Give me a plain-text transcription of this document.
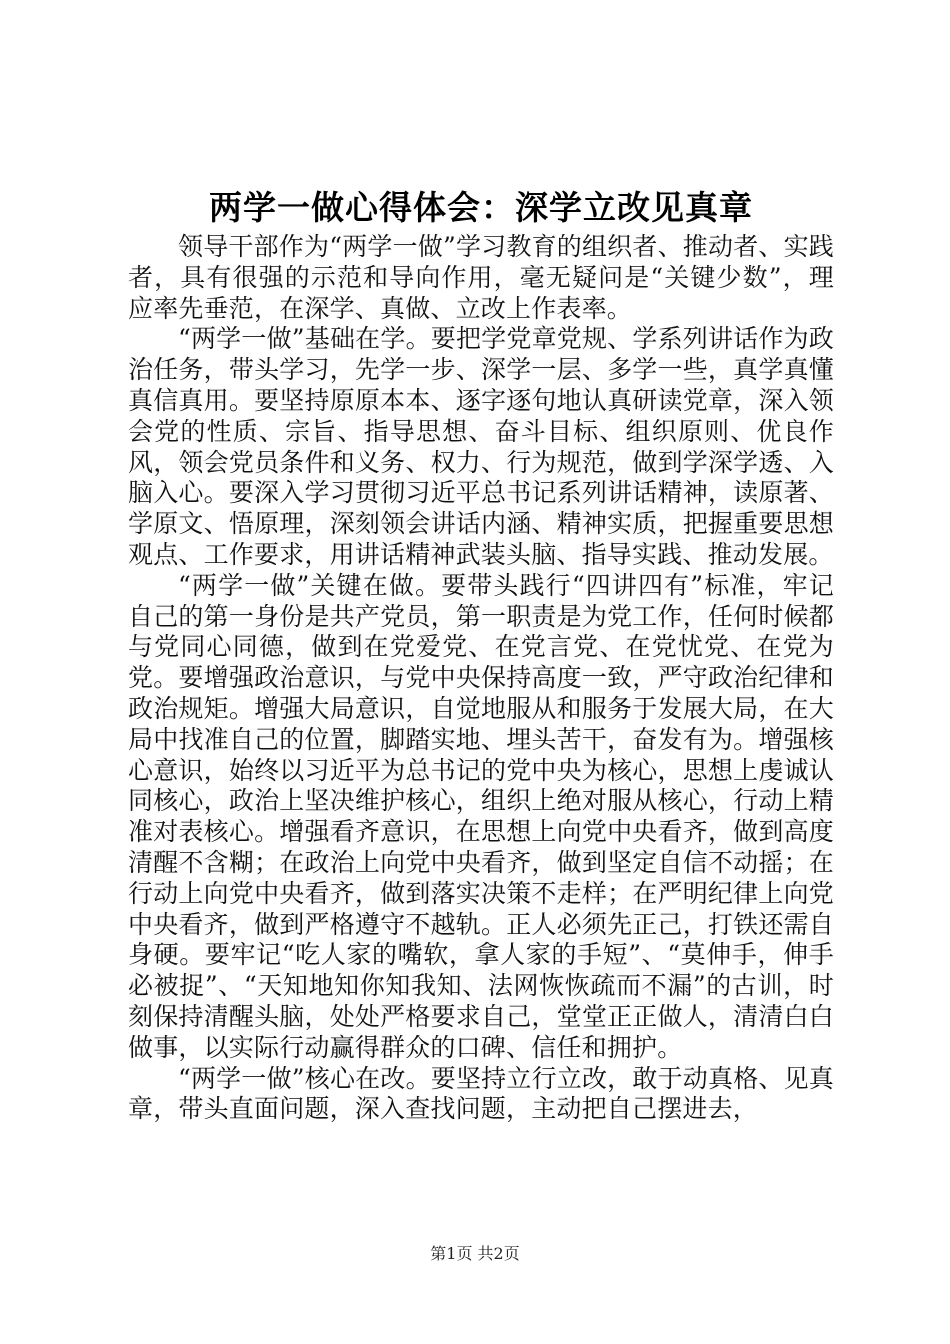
两学一做心得体会：深学立改见真章

领导干部作为“两学一做”学习教育的组织者、推动者、实践者，具有很强的示范和导向作用，毫无疑问是“关键少数”，理应率先垂范，在深学、真做、立改上作表率。

“两学一做”基础在学。要把学党章党规、学系列讲话作为政治任务，带头学习，先学一步、深学一层、多学一些，真学真懂真信真用。要坚持原原本本、逐字逐句地认真研读党章，深入领会党的性质、宗旨、指导思想、奋斗目标、组织原则、优良作风，领会党员条件和义务、权力、行为规范，做到学深学透、入脑入心。要深入学习贯彻习近平总书记系列讲话精神，读原著、学原文、悟原理，深刻领会讲话内涵、精神实质，把握重要思想观点、工作要求，用讲话精神武装头脑、指导实践、推动发展。

“两学一做”关键在做。要带头践行“四讲四有”标准，牢记自己的第一身份是共产党员，第一职责是为党工作，任何时候都与党同心同德，做到在党爱党、在党言党、在党忧党、在党为党。要增强政治意识，与党中央保持高度一致，严守政治纪律和政治规矩。增强大局意识，自觉地服从和服务于发展大局，在大局中找准自己的位置，脚踏实地、埋头苦干，奋发有为。增强核心意识，始终以习近平为总书记的党中央为核心，思想上虔诚认同核心，政治上坚决维护核心，组织上绝对服从核心，行动上精准对表核心。增强看齐意识，在思想上向党中央看齐，做到高度清醒不含糊；在政治上向党中央看齐，做到坚定自信不动摇；在行动上向党中央看齐，做到落实决策不走样；在严明纪律上向党中央看齐，做到严格遵守不越轨。正人必须先正己，打铁还需自身硬。要牢记“吃人家的嘴软，拿人家的手短”、“莫伸手，伸手必被捉”、“天知地知你知我知、法网恢恢疏而不漏”的古训，时刻保持清醒头脑，处处严格要求自己，堂堂正正做人，清清白白做事，以实际行动赢得群众的口碑、信任和拥护。

“两学一做”核心在改。要坚持立行立改，敢于动真格、见真章，带头直面问题，深入查找问题，主动把自己摆进去，

第1页 共2页
